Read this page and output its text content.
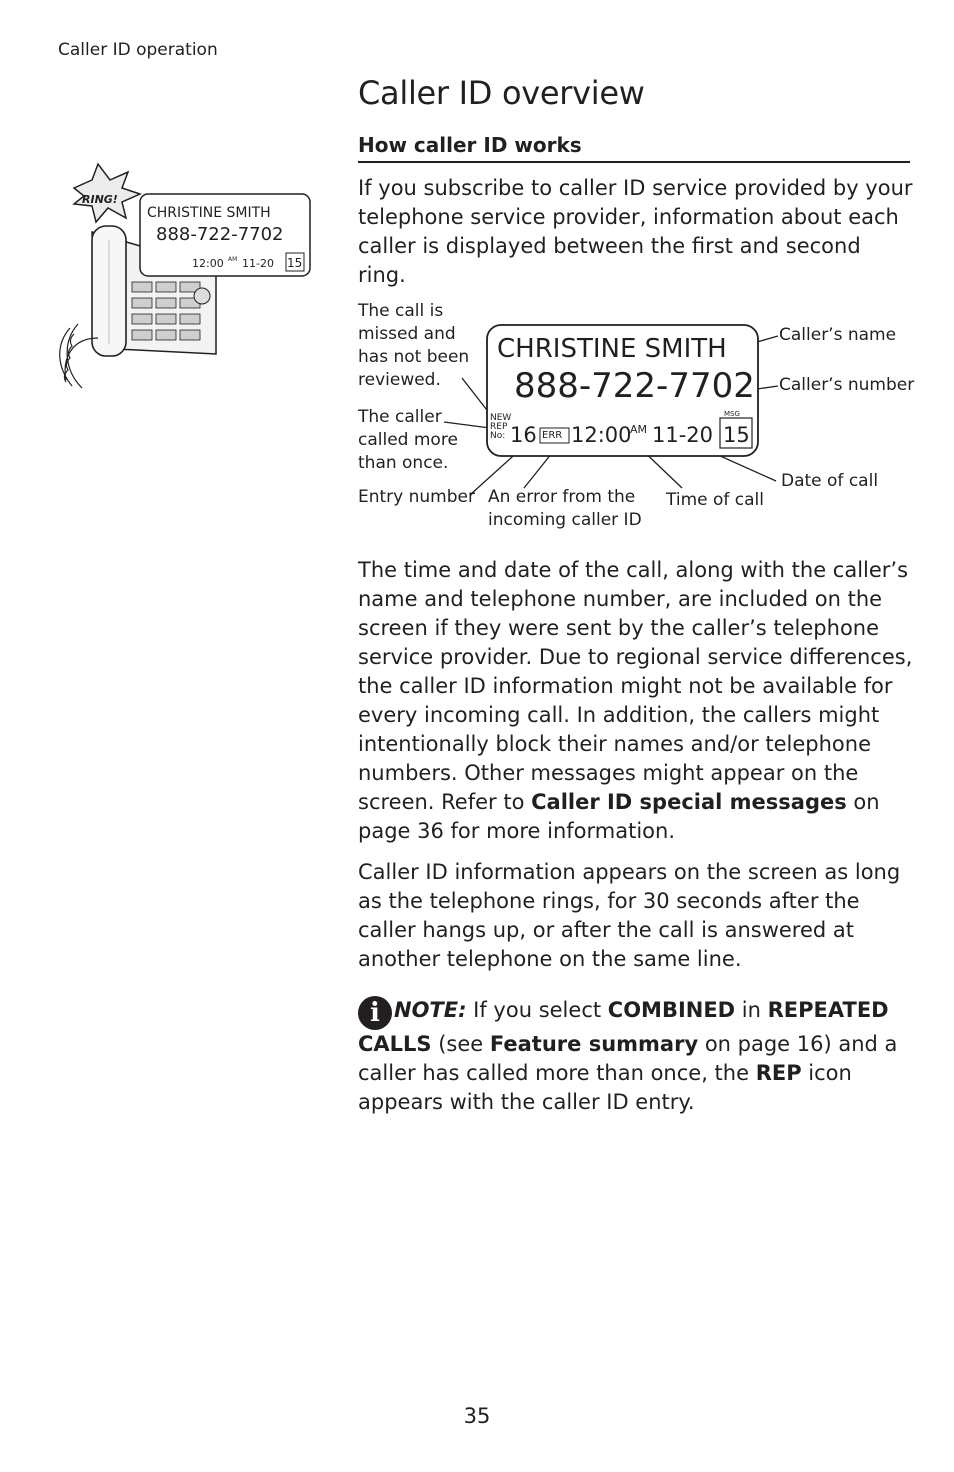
Caller ID operation
Caller ID overview
How caller ID works

If you subscribe to caller ID service provided by your telephone service provider, information about each caller is displayed between the first and second ring.

RING!
CHRISTINE SMITH
888-722-7702
12:00 AM 11-20 15
CHRISTINE SMITH
888-722-7702
NEW
REP
No: 16 ERR 12:00
AM 11-20
MSG
15
The call is
missed and
has not been
reviewed.
The caller
called more
than once.
Entry number An error from the
incoming caller ID
Time of call
Date of call
Caller’s name
Caller’s number

The time and date of the call, along with the caller’s name and telephone number, are included on the screen if they were sent by the caller’s telephone service provider. Due to regional service differences, the caller ID information might not be available for every incoming call. In addition, the callers might intentionally block their names and/or telephone numbers. Other messages might appear on the screen. Refer to Caller ID special messages on page 36 for more information.

Caller ID information appears on the screen as long as the telephone rings, for 30 seconds after the caller hangs up, or after the call is answered at another telephone on the same line.

i NOTE: If you select COMBINED in REPEATED CALLS (see Feature summary on page 16) and a caller has called more than once, the REP icon appears with the caller ID entry.

35
